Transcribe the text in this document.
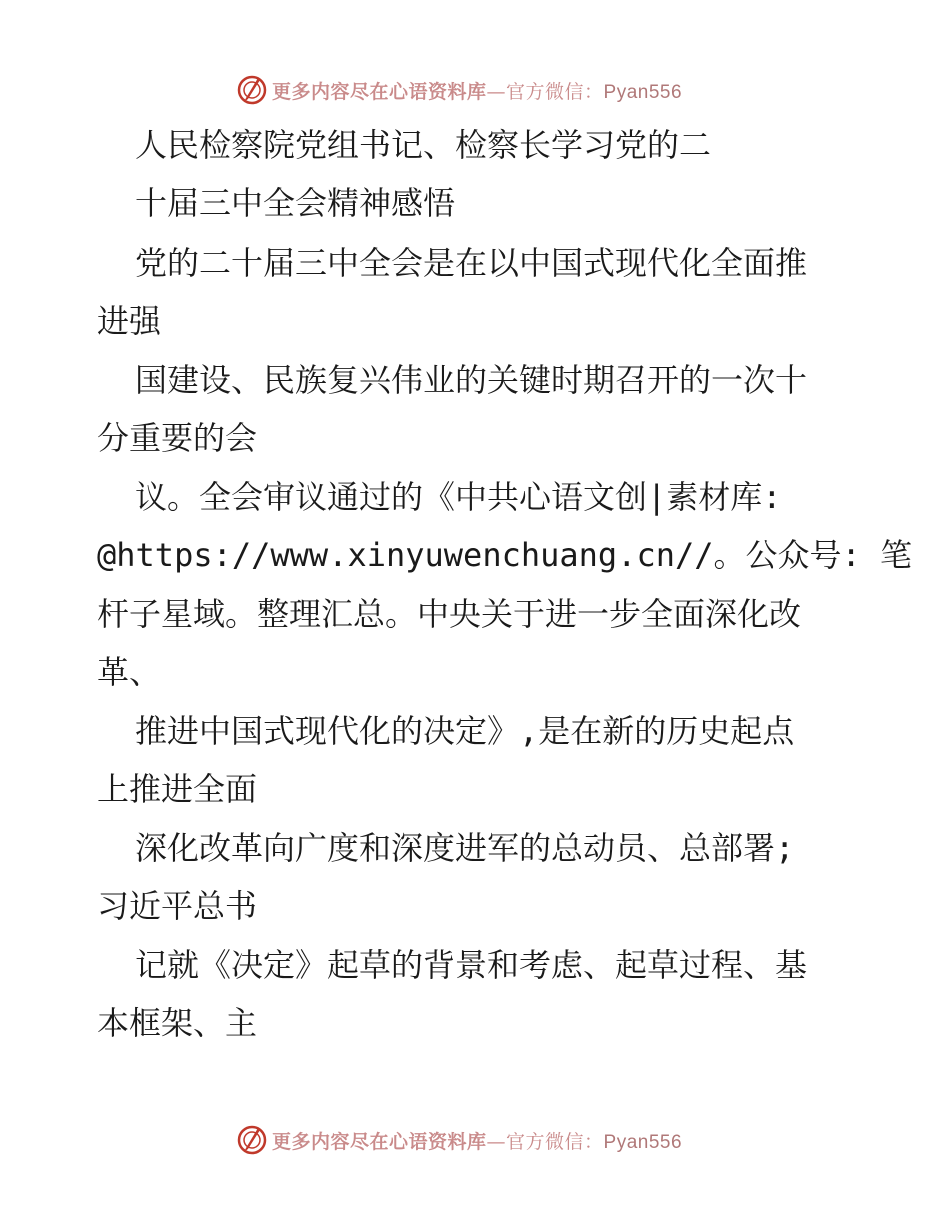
更多内容尽在心语资料库—官方微信：Pyan556
人民检察院党组书记、检察长学习党的二
十届三中全会精神感悟
党的二十届三中全会是在以中国式现代化全面推
进强
国建设、民族复兴伟业的关键时期召开的一次十
分重要的会
议。全会审议通过的《中共心语文创|素材库:
@https://www.xinyuwenchuang.cn//。公众号: 笔
杆子星域。整理汇总。中央关于进一步全面深化改
革、
推进中国式现代化的决定》,是在新的历史起点
上推进全面
深化改革向广度和深度进军的总动员、总部署;
习近平总书
记就《决定》起草的背景和考虑、起草过程、基
本框架、主
更多内容尽在心语资料库—官方微信：Pyan556
